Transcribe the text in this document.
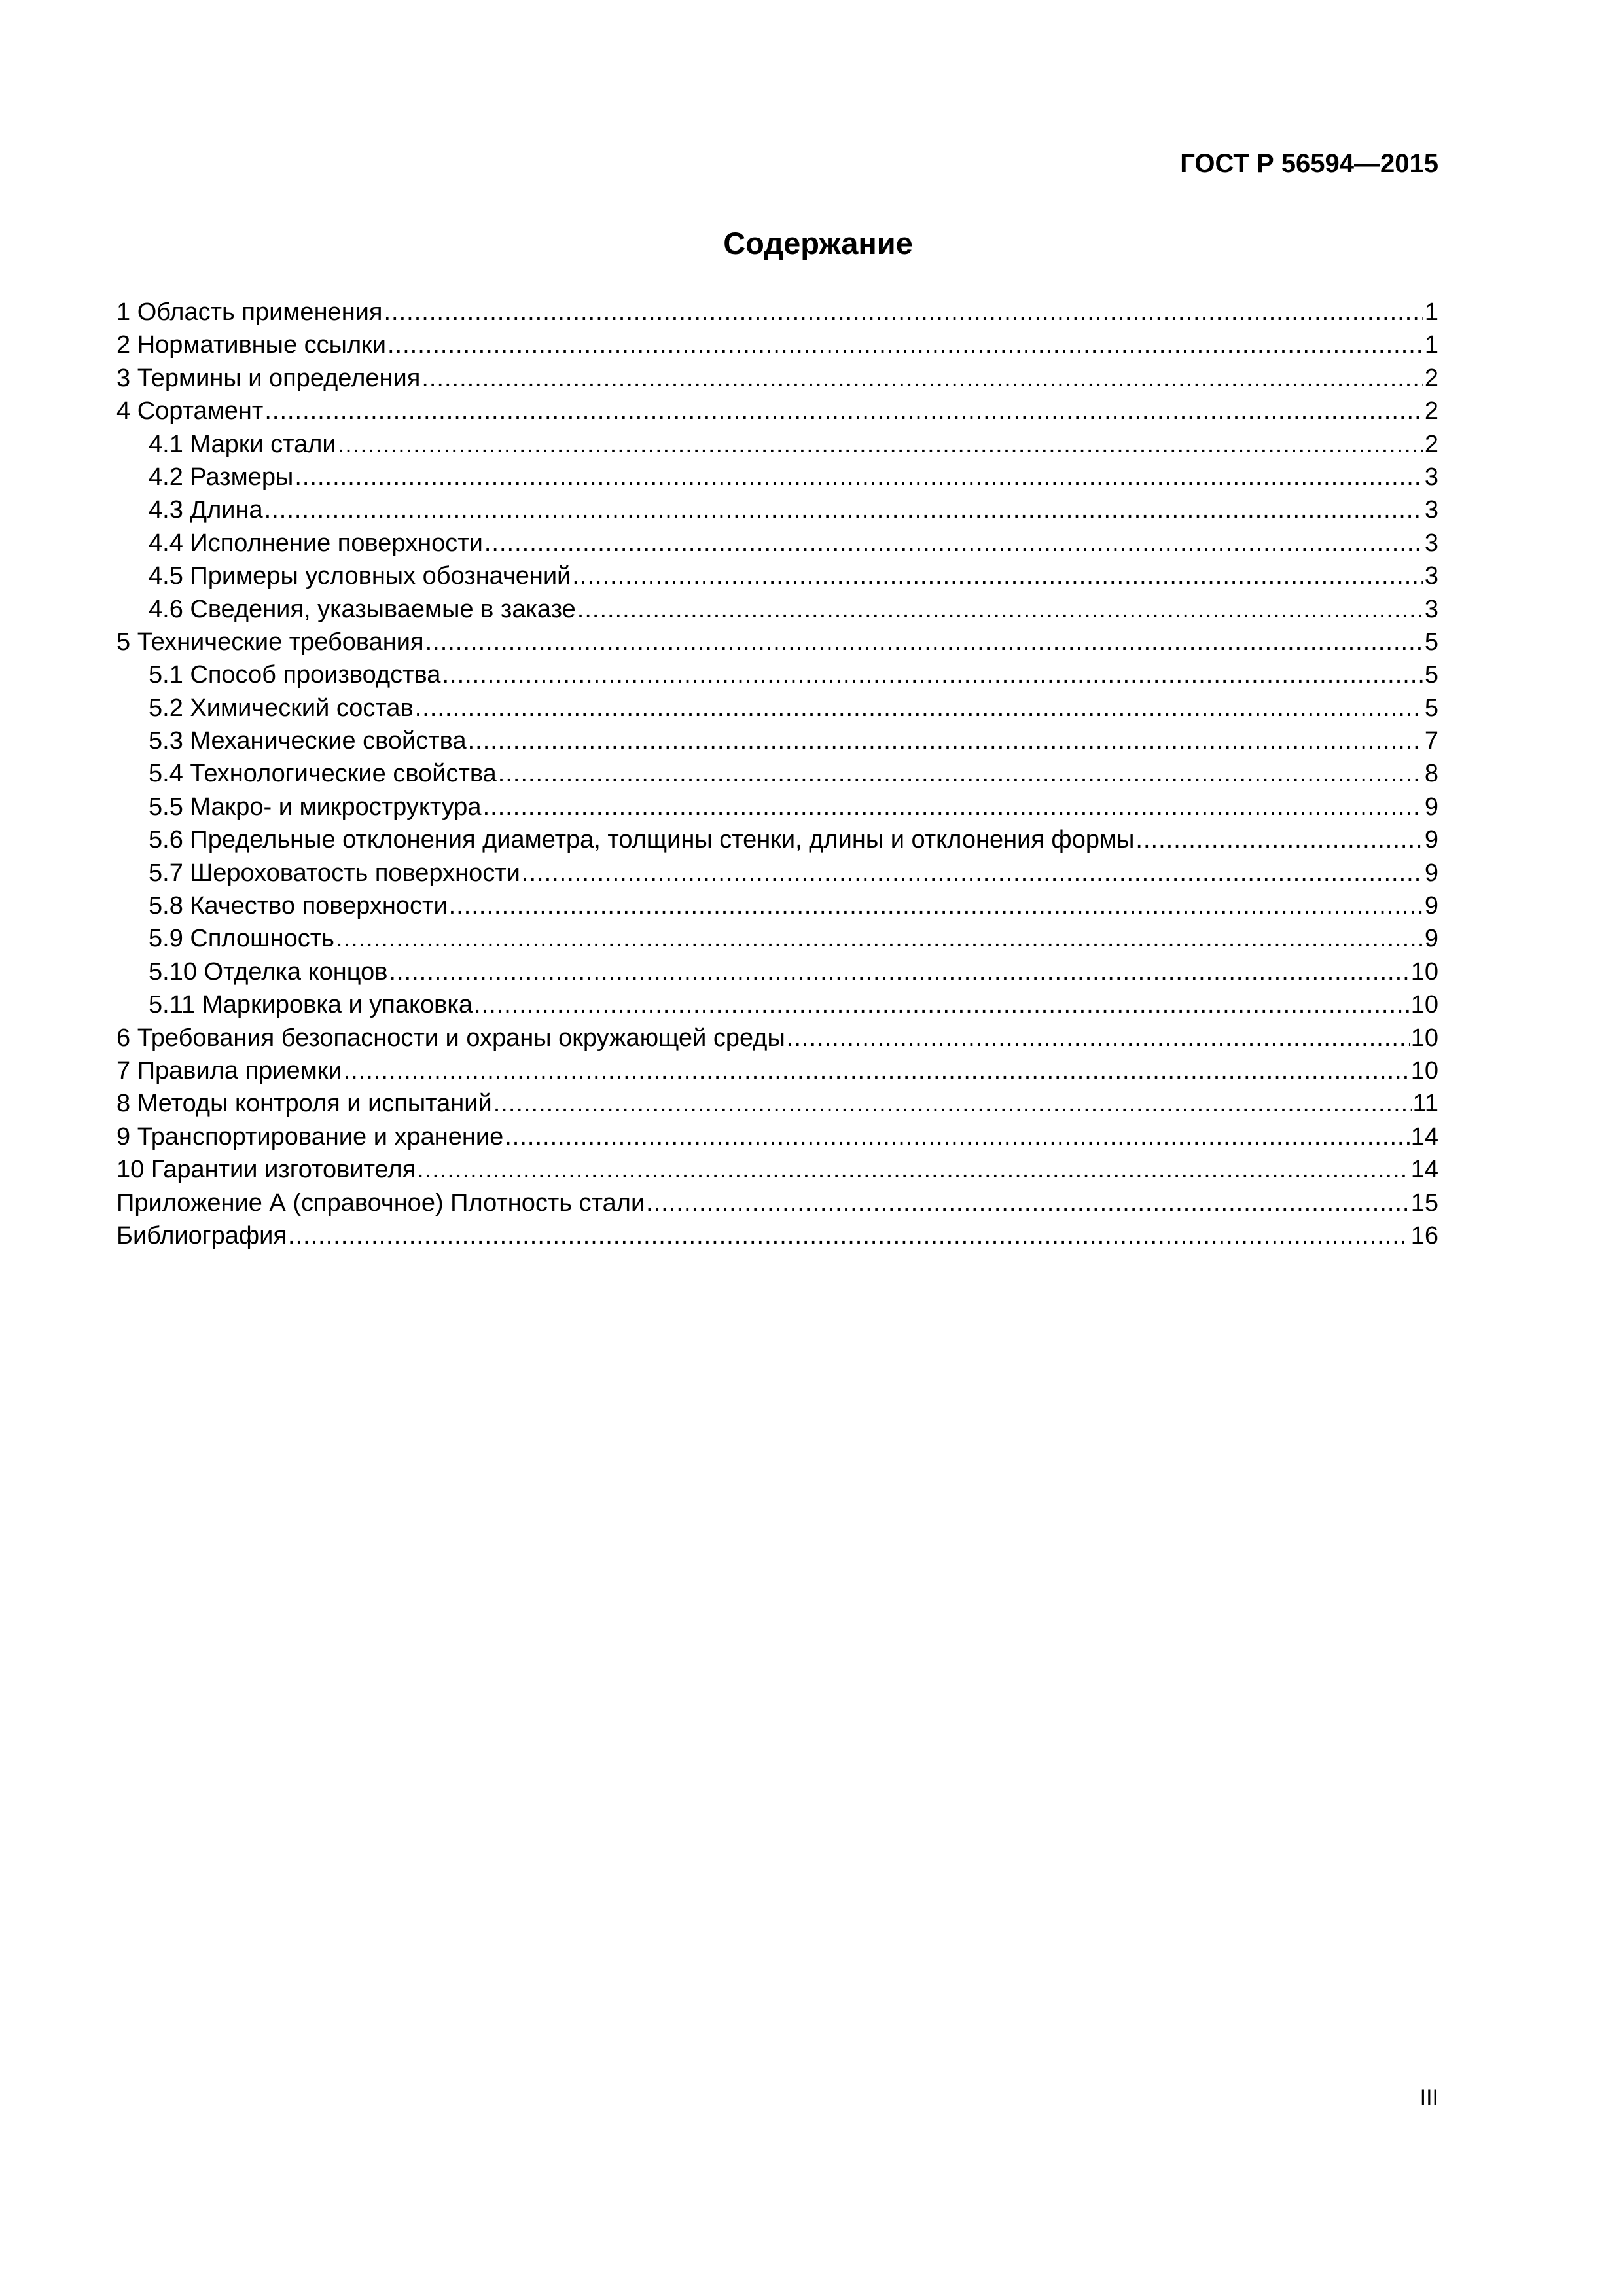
ГОСТ Р 56594—2015
Содержание
1 Область применения .....	1
2 Нормативные ссылки .....	1
3 Термины и определения .....	2
4 Сортамент .....	2
4.1 Марки стали .....	2
4.2 Размеры .....	3
4.3 Длина .....	3
4.4 Исполнение поверхности .....	3
4.5 Примеры условных обозначений .....	3
4.6 Сведения, указываемые в заказе .....	3
5 Технические требования .....	5
5.1 Способ производства .....	5
5.2 Химический состав .....	5
5.3 Механические свойства .....	7
5.4 Технологические свойства .....	8
5.5 Макро- и микроструктура .....	9
5.6 Предельные отклонения диаметра, толщины стенки, длины и отклонения формы .....	9
5.7 Шероховатость поверхности .....	9
5.8 Качество поверхности .....	9
5.9 Сплошность .....	9
5.10 Отделка концов .....	10
5.11 Маркировка и упаковка .....	10
6 Требования безопасности и охраны окружающей среды .....	10
7 Правила приемки .....	10
8 Методы контроля и испытаний .....	11
9 Транспортирование и хранение .....	14
10 Гарантии изготовителя .....	14
Приложение А (справочное) Плотность стали .....	15
Библиография .....	16
III
